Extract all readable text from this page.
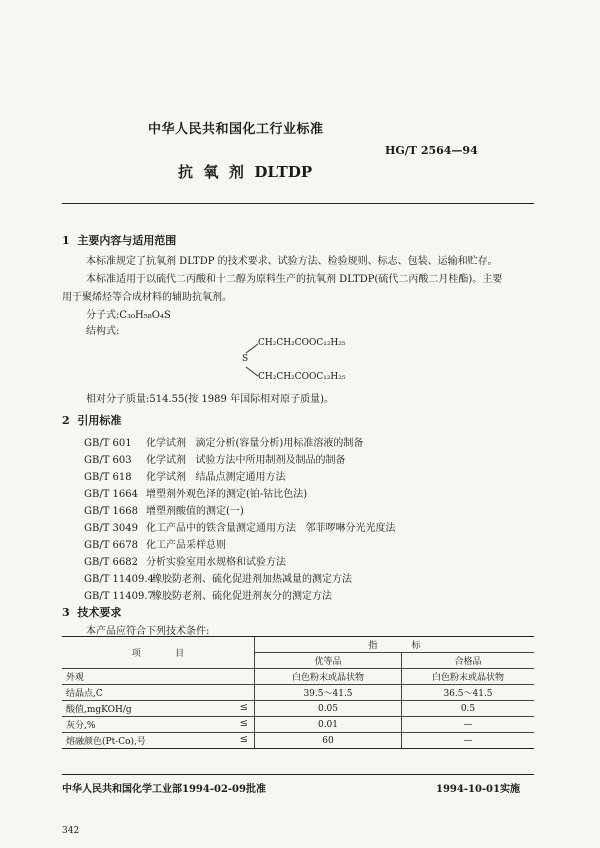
中华人民共和国化工行业标准
HG/T 2564—94
抗  氧  剂  DLTDP
1  主要内容与适用范围
本标准规定了抗氧剂 DLTDP 的技术要求、试验方法、检验规则、标志、包装、运输和贮存。
本标准适用于以硫代二丙酸和十二醇为原料生产的抗氧剂 DLTDP(硫代二丙酸二月桂酯)。主要
用于聚烯烃等合成材料的辅助抗氧剂。
分子式:C₃₀H₅₈O₄S
结构式:
CH₂CH₂COOC₁₂H₂₅
S
CH₂CH₂COOC₁₂H₂₅
相对分子质量:514.55(按 1989 年国际相对原子质量)。
2  引用标准
GB/T 601 化学试剂   滴定分析(容量分析)用标准溶液的制备
GB/T 603 化学试剂   试验方法中所用制剂及制品的制备
GB/T 618 化学试剂   结晶点测定通用方法
GB/T 1664 增塑剂外观色泽的测定(铂-钴比色法)
GB/T 1668 增塑剂酸值的测定(一)
GB/T 3049 化工产品中的铁含量测定通用方法   邻菲啰啉分光光度法
GB/T 6678 化工产品采样总则
GB/T 6682 分析实验室用水规格和试验方法
GB/T 11409.4橡胶防老剂、硫化促进剂加热减量的测定方法
GB/T 11409.7橡胶防老剂、硫化促进剂灰分的测定方法
3  技术要求
本产品应符合下列技术条件:
项            目	指            标	
	优等品	合格品
外观	白色粉末或晶状物	白色粉末或晶状物
结晶点,C	39.5～41.5	36.5～41.5
酸值,mgKOH/g ≤	0.05	0.5
灰分,% ≤	0.01	—
熔融颜色(Pt-Co),号 ≤	60	—
中华人民共和国化学工业部1994-02-09批准	1994-10-01实施
342
